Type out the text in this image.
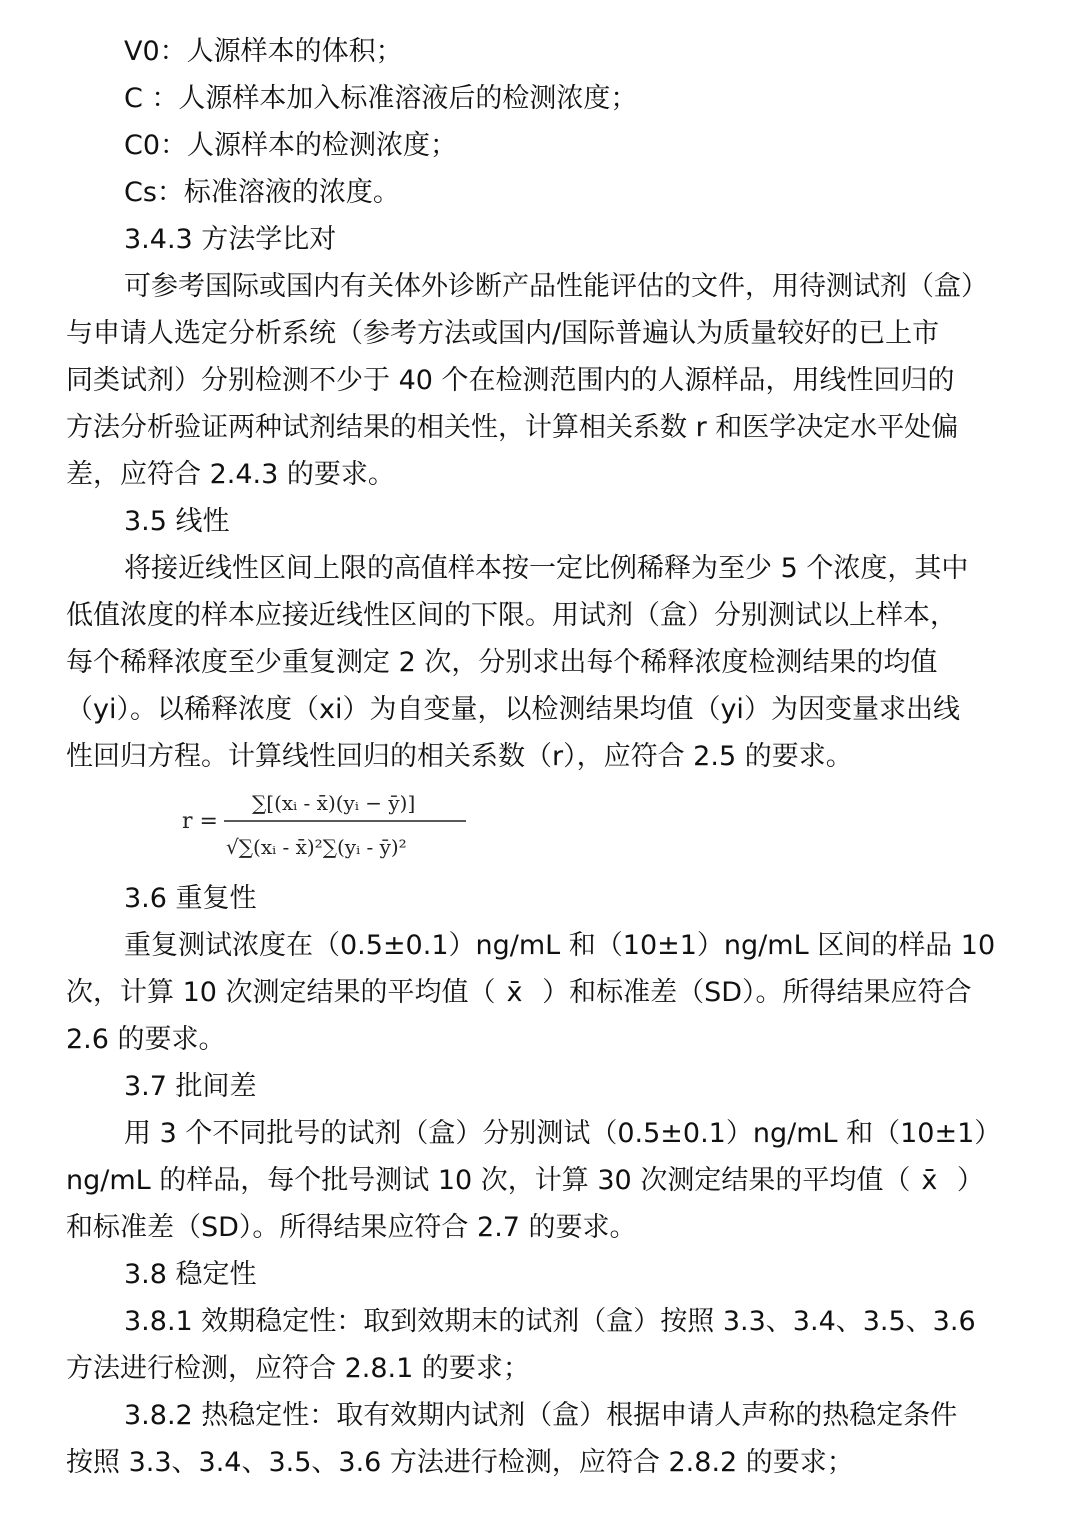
V0：人源样本的体积；

C ：人源样本加入标准溶液后的检测浓度；

C0：人源样本的检测浓度；

Cs：标准溶液的浓度。

3.4.3 方法学比对

可参考国际或国内有关体外诊断产品性能评估的文件，用待测试剂（盒）

与申请人选定分析系统（参考方法或国内/国际普遍认为质量较好的已上市

同类试剂）分别检测不少于 40 个在检测范围内的人源样品，用线性回归的

方法分析验证两种试剂结果的相关性，计算相关系数 r 和医学决定水平处偏

差，应符合 2.4.3 的要求。

3.5 线性

将接近线性区间上限的高值样本按一定比例稀释为至少 5 个浓度，其中

低值浓度的样本应接近线性区间的下限。用试剂（盒）分别测试以上样本，

每个稀释浓度至少重复测定 2 次，分别求出每个稀释浓度检测结果的均值

（yi）。以稀释浓度（xi）为自变量，以检测结果均值（yi）为因变量求出线

性回归方程。计算线性回归的相关系数（r），应符合 2.5 的要求。

r =
∑[(xᵢ - x̄)(yᵢ − ȳ)]
√∑(xᵢ - x̄)²∑(yᵢ - ȳ)²

3.6 重复性

重复测试浓度在（0.5±0.1）ng/mL 和（10±1）ng/mL 区间的样品 10

次，计算 10 次测定结果的平均值（ x̄ ）和标准差（SD）。所得结果应符合

2.6 的要求。

3.7 批间差

用 3 个不同批号的试剂（盒）分别测试（0.5±0.1）ng/mL 和（10±1）

ng/mL 的样品，每个批号测试 10 次，计算 30 次测定结果的平均值（ x̄ ）

和标准差（SD）。所得结果应符合 2.7 的要求。

3.8 稳定性

3.8.1 效期稳定性：取到效期末的试剂（盒）按照 3.3、3.4、3.5、3.6

方法进行检测，应符合 2.8.1 的要求；

3.8.2 热稳定性：取有效期内试剂（盒）根据申请人声称的热稳定条件

按照 3.3、3.4、3.5、3.6 方法进行检测，应符合 2.8.2 的要求；
